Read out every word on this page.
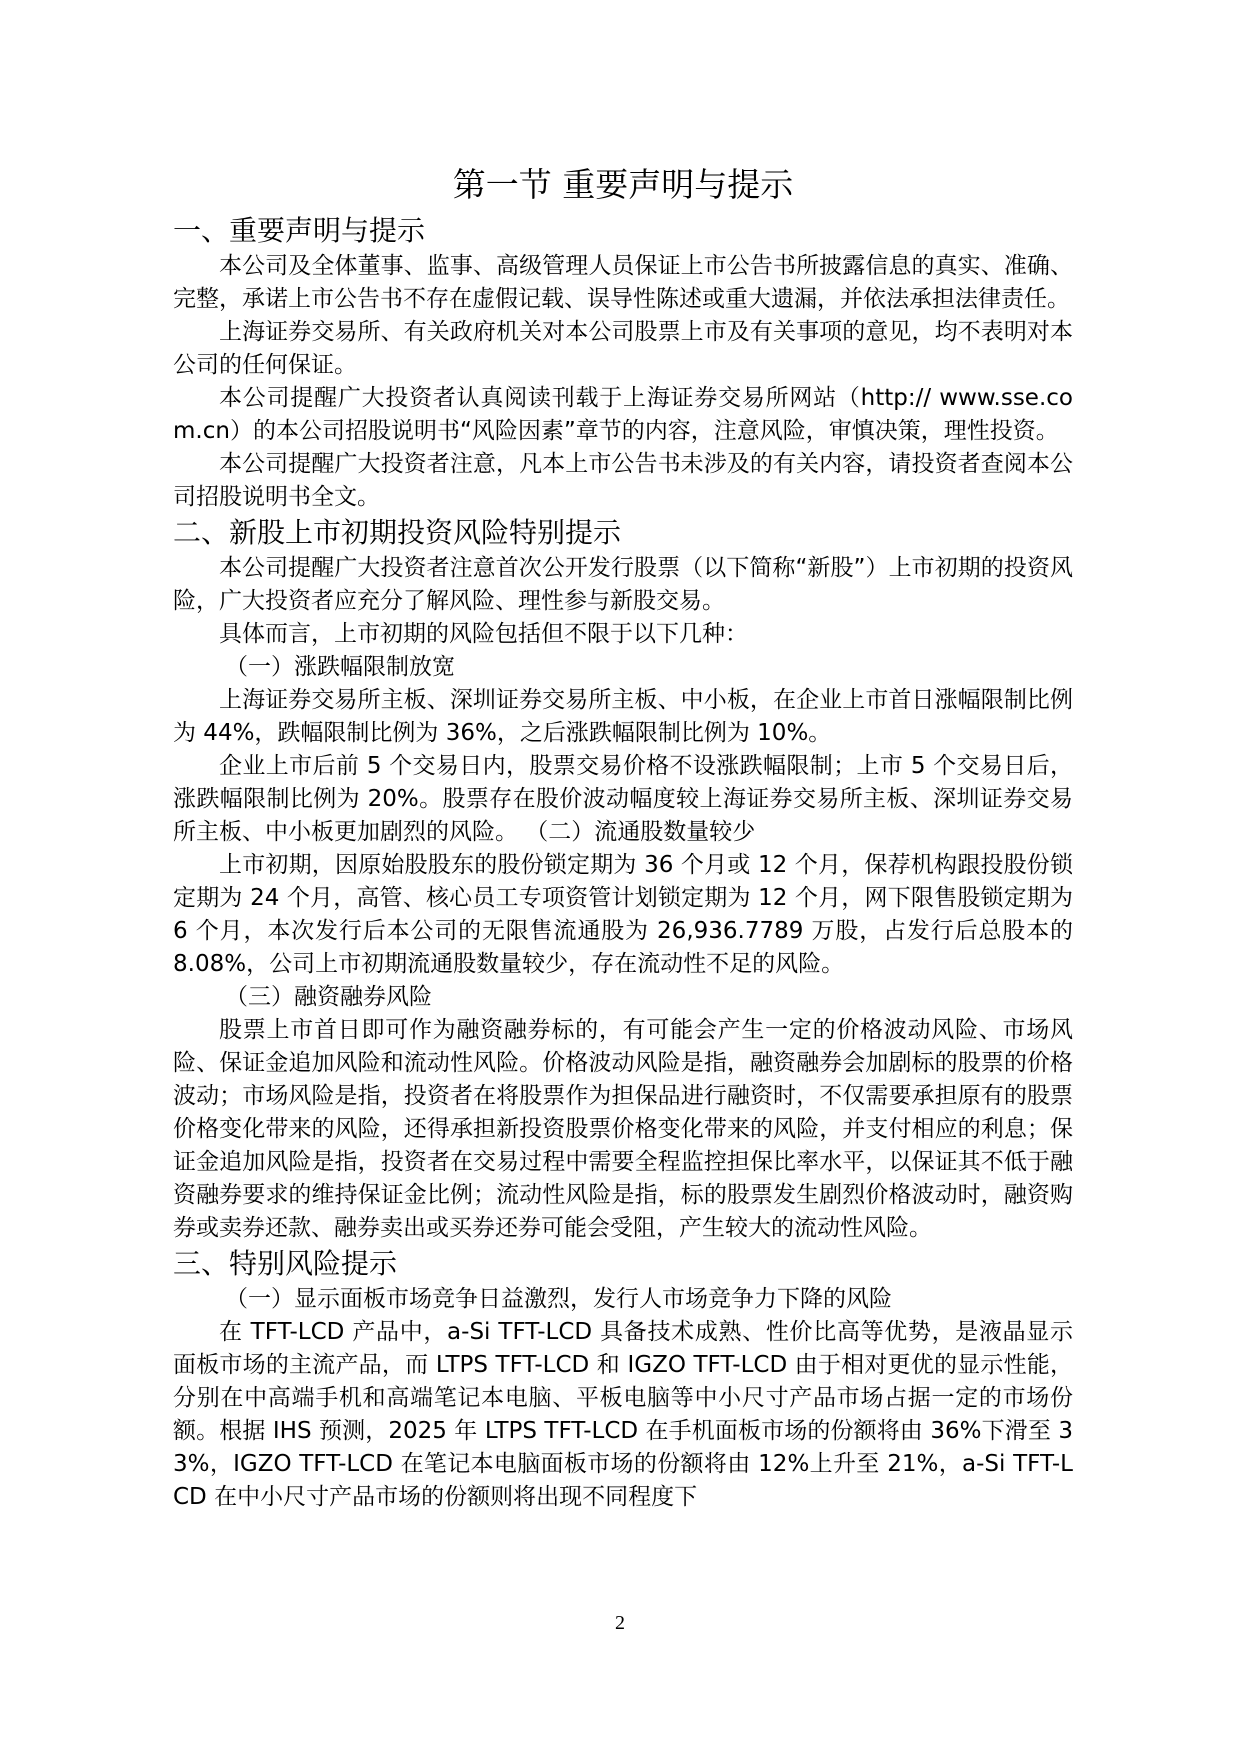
第一节 重要声明与提示
一、重要声明与提示

本公司及全体董事、监事、高级管理人员保证上市公告书所披露信息的真实、准确、完整，承诺上市公告书不存在虚假记载、误导性陈述或重大遗漏，并依法承担法律责任。

上海证券交易所、有关政府机关对本公司股票上市及有关事项的意见，均不表明对本公司的任何保证。

本公司提醒广大投资者认真阅读刊载于上海证券交易所网站（http:// www.sse.com.cn）的本公司招股说明书“风险因素”章节的内容，注意风险，审慎决策，理性投资。

本公司提醒广大投资者注意，凡本上市公告书未涉及的有关内容，请投资者查阅本公司招股说明书全文。

二、新股上市初期投资风险特别提示

本公司提醒广大投资者注意首次公开发行股票（以下简称“新股”）上市初期的投资风险，广大投资者应充分了解风险、理性参与新股交易。

具体而言，上市初期的风险包括但不限于以下几种：

（一）涨跌幅限制放宽

上海证券交易所主板、深圳证券交易所主板、中小板，在企业上市首日涨幅限制比例为 44%，跌幅限制比例为 36%，之后涨跌幅限制比例为 10%。

企业上市后前 5 个交易日内，股票交易价格不设涨跌幅限制；上市 5 个交易日后，涨跌幅限制比例为 20%。股票存在股价波动幅度较上海证券交易所主板、深圳证券交易所主板、中小板更加剧烈的风险。 （二）流通股数量较少

上市初期，因原始股股东的股份锁定期为 36 个月或 12 个月，保荐机构跟投股份锁定期为 24 个月，高管、核心员工专项资管计划锁定期为 12 个月，网下限售股锁定期为 6 个月，本次发行后本公司的无限售流通股为 26,936.7789 万股，占发行后总股本的 8.08%，公司上市初期流通股数量较少，存在流动性不足的风险。

（三）融资融券风险

股票上市首日即可作为融资融券标的，有可能会产生一定的价格波动风险、市场风险、保证金追加风险和流动性风险。价格波动风险是指，融资融券会加剧标的股票的价格波动；市场风险是指，投资者在将股票作为担保品进行融资时，不仅需要承担原有的股票价格变化带来的风险，还得承担新投资股票价格变化带来的风险，并支付相应的利息；保证金追加风险是指，投资者在交易过程中需要全程监控担保比率水平，以保证其不低于融资融券要求的维持保证金比例；流动性风险是指，标的股票发生剧烈价格波动时，融资购券或卖券还款、融券卖出或买券还券可能会受阻，产生较大的流动性风险。

三、特别风险提示

（一）显示面板市场竞争日益激烈，发行人市场竞争力下降的风险

在 TFT-LCD 产品中，a-Si TFT-LCD 具备技术成熟、性价比高等优势，是液晶显示面板市场的主流产品，而 LTPS TFT-LCD 和 IGZO TFT-LCD 由于相对更优的显示性能，分别在中高端手机和高端笔记本电脑、平板电脑等中小尺寸产品市场占据一定的市场份额。根据 IHS 预测，2025 年 LTPS TFT-LCD 在手机面板市场的份额将由 36%下滑至 33%，IGZO TFT-LCD 在笔记本电脑面板市场的份额将由 12%上升至 21%，a-Si TFT-LCD 在中小尺寸产品市场的份额则将出现不同程度下

2
